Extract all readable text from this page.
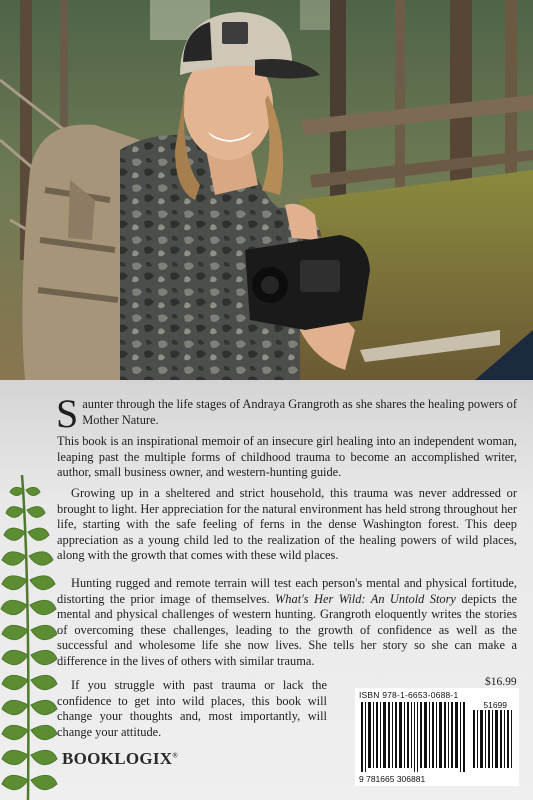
Saunter through the life stages of Andraya Grangroth as she shares the healing powers of Mother Nature.

This book is an inspirational memoir of an insecure girl healing into an independent woman, leaping past the multiple forms of childhood trauma to become an accomplished writer, author, small business owner, and western-hunting guide.

Growing up in a sheltered and strict household, this trauma was never addressed or brought to light. Her appreciation for the natural environment has held strong throughout her life, starting with the safe feeling of ferns in the dense Washington forest. This deep appreciation as a young child led to the realization of the healing powers of wild places, along with the growth that comes with these wild places.

Hunting rugged and remote terrain will test each person's mental and physical fortitude, distorting the prior image of themselves. What's Her Wild: An Untold Story depicts the mental and physical challenges of western hunting. Grangroth eloquently writes the stories of overcoming these challenges, leading to the growth of confidence as well as the successful and wholesome life she now lives. She tells her story so she can make a difference in the lives of others with similar trauma.

If you struggle with past trauma or lack the confidence to get into wild places, this book will change your thoughts and, most importantly, will change your attitude.

$16.99
ISBN 978-1-6653-0688-1
51699
9 781665 306881
BOOKLOGIX®
